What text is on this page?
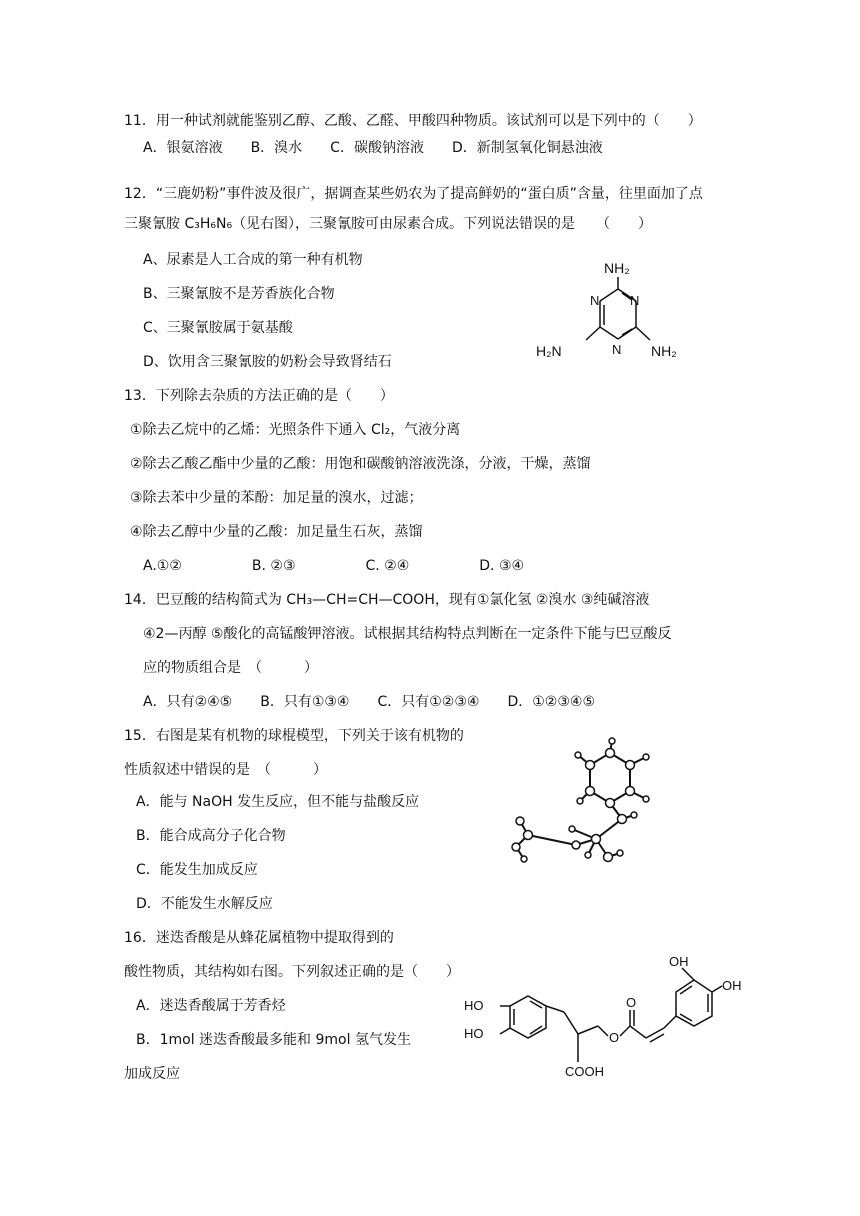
11．用一种试剂就能鉴别乙醇、乙酸、乙醛、甲酸四种物质。该试剂可以是下列中的（　　）
A．银氨溶液　　B．溴水　　C．碳酸钠溶液　　D．新制氢氧化铜悬浊液
12．“三鹿奶粉”事件波及很广，据调查某些奶农为了提高鲜奶的“蛋白质”含量，往里面加了点
三聚氰胺 C₃H₆N₆（见右图），三聚氰胺可由尿素合成。下列说法错误的是　　（　　）
A、尿素是人工合成的第一种有机物
B、三聚氰胺不是芳香族化合物
C、三聚氰胺属于氨基酸
D、饮用含三聚氰胺的奶粉会导致肾结石
NH₂
N
N
N NH₂
H₂N
13．下列除去杂质的方法正确的是（　　）
①除去乙烷中的乙烯：光照条件下通入 Cl₂，气液分离
②除去乙酸乙酯中少量的乙酸：用饱和碳酸钠溶液洗涤，分液，干燥，蒸馏
③除去苯中少量的苯酚：加足量的溴水，过滤；
④除去乙醇中少量的乙酸：加足量生石灰，蒸馏
A.①②　　　　　B. ②③　　　　　C. ②④　　　　　D. ③④
14．巴豆酸的结构简式为 CH₃—CH=CH—COOH，现有①氯化氢 ②溴水 ③纯碱溶液
④2—丙醇 ⑤酸化的高锰酸钾溶液。试根据其结构特点判断在一定条件下能与巴豆酸反
应的物质组合是　（　　　）
A．只有②④⑤　　B．只有①③④　　C．只有①②③④　　D．①②③④⑤
15．右图是某有机物的球棍模型，下列关于该有机物的
性质叙述中错误的是　（　　　）
A．能与 NaOH 发生反应，但不能与盐酸反应
B．能合成高分子化合物
C．能发生加成反应
D．不能发生水解反应
16．迷迭香酸是从蜂花属植物中提取得到的
酸性物质，其结构如右图。下列叙述正确的是（　　）
A．迷迭香酸属于芳香烃
B．1mol 迷迭香酸最多能和 9mol 氢气发生
加成反应
OH
OH
HO
HO
COOH
O
O
